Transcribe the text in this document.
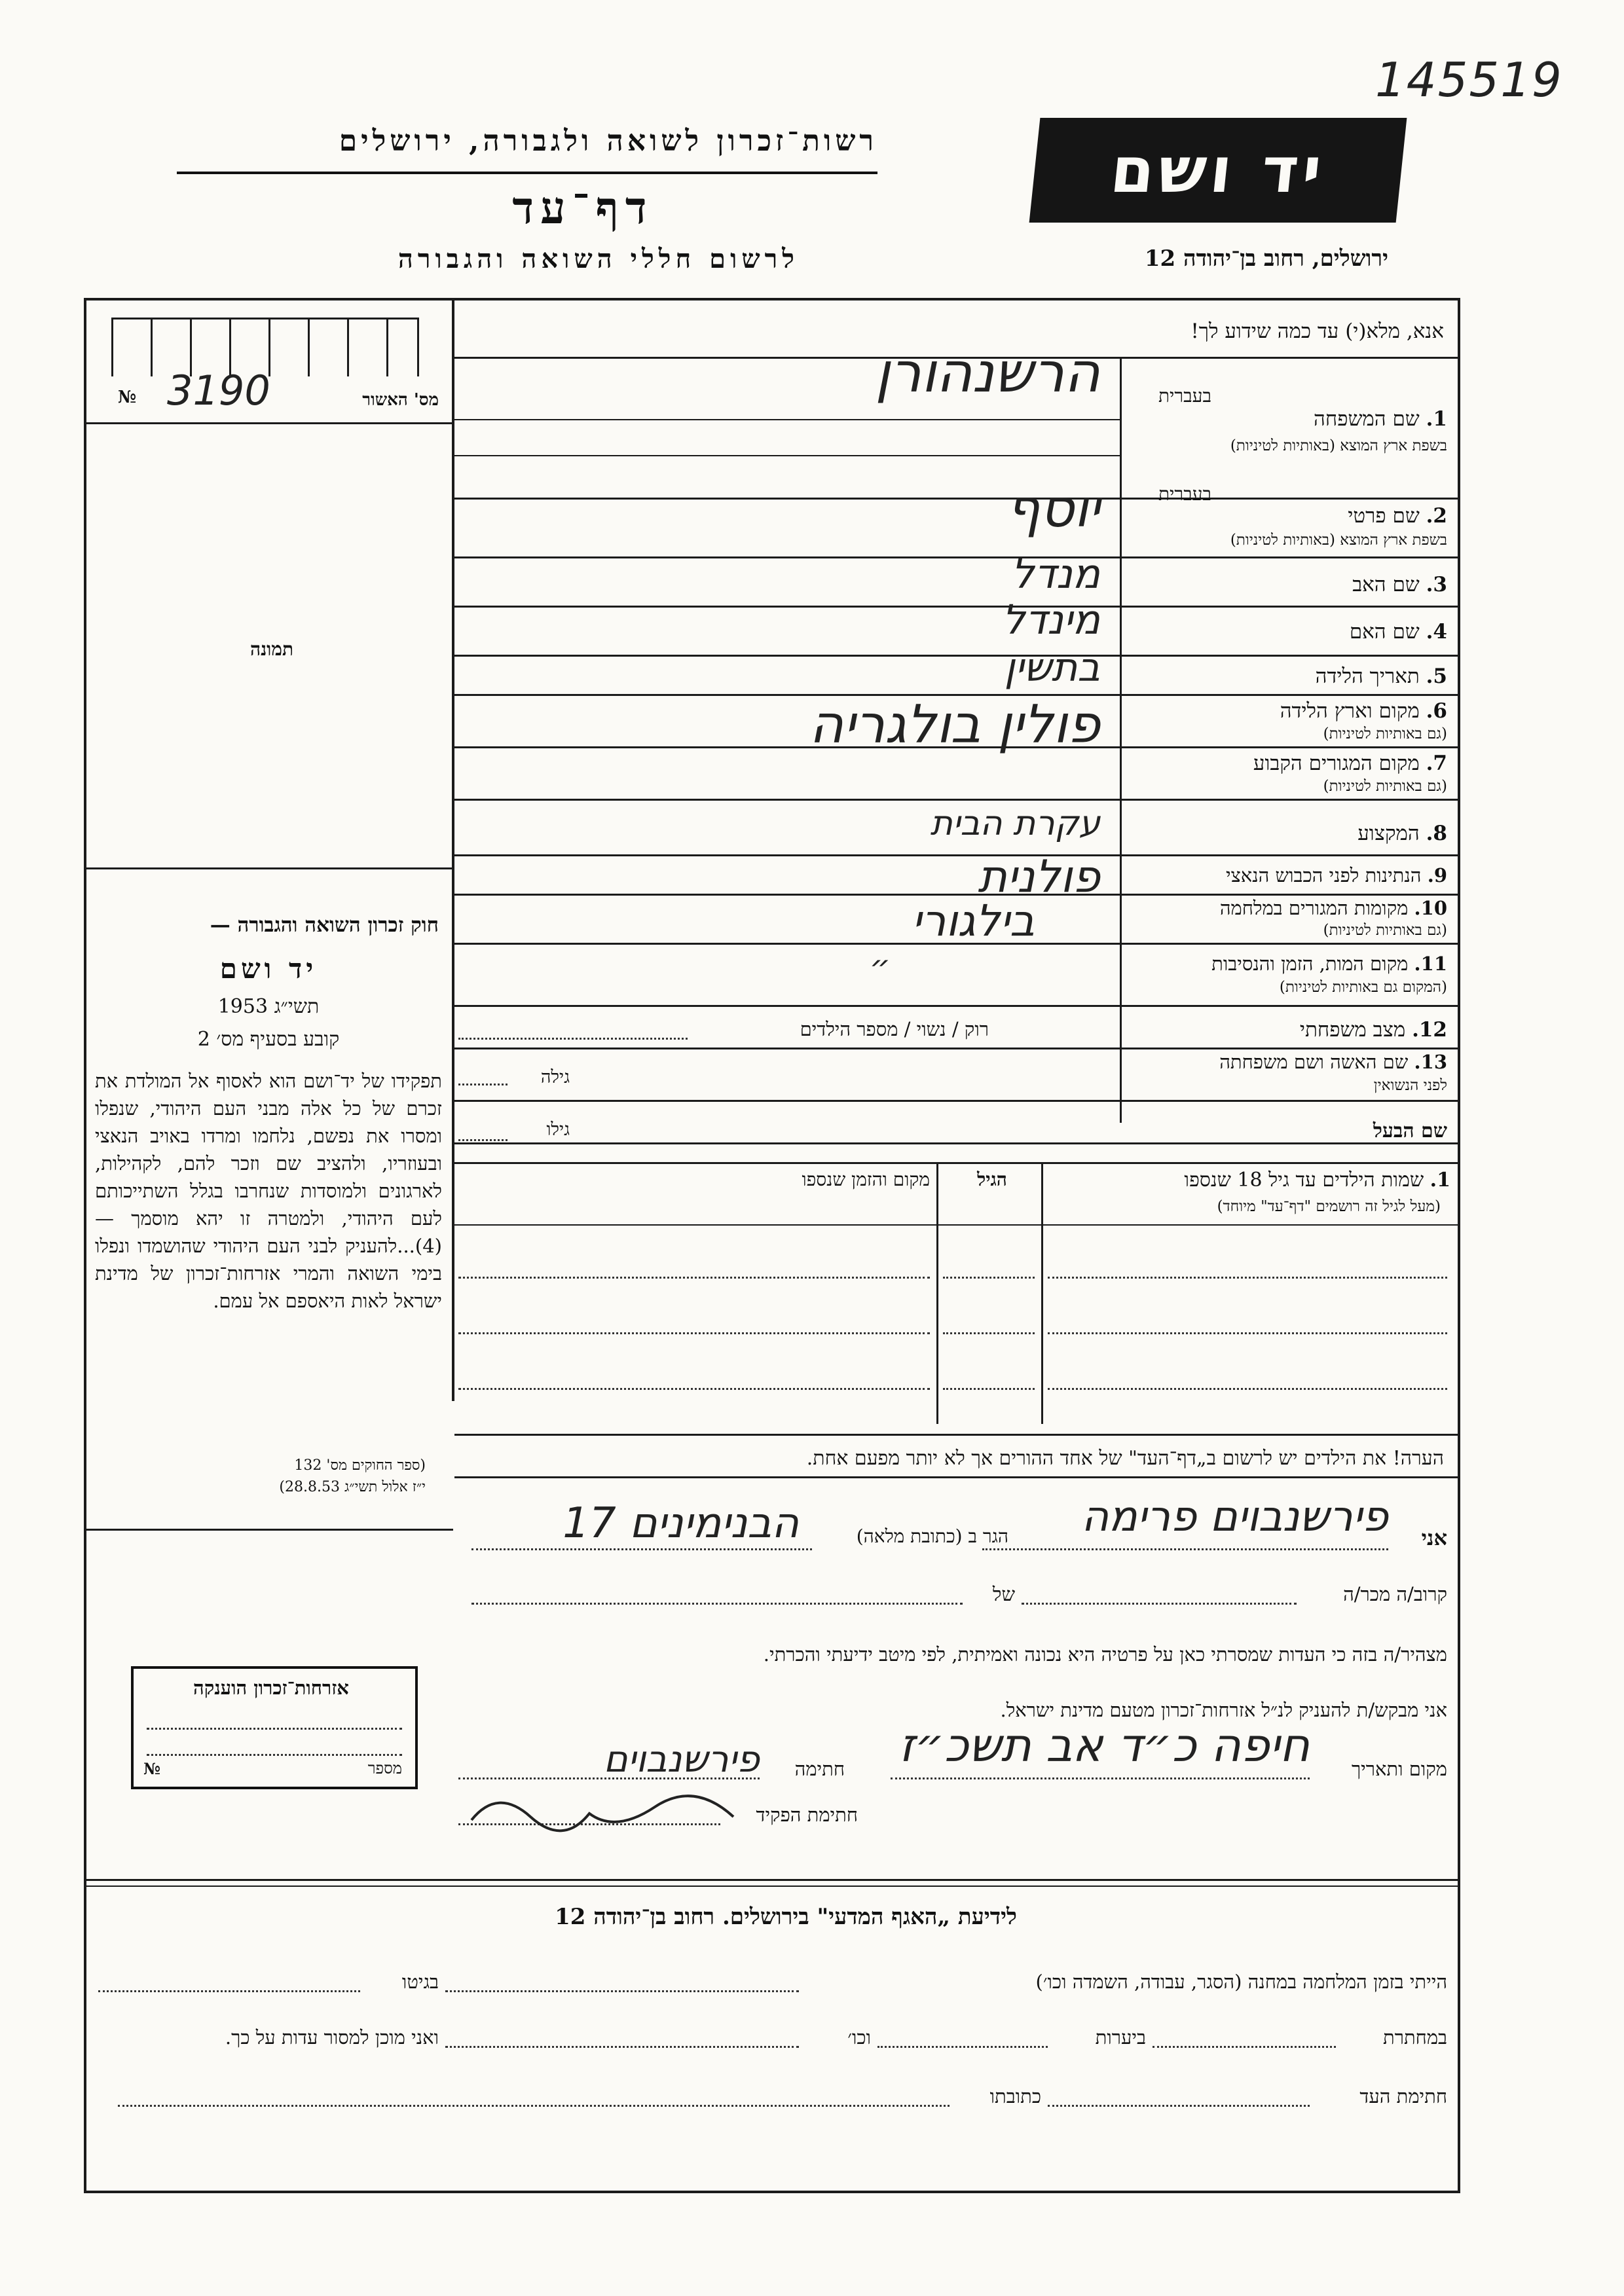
145519
רשות־זכרון לשואה ולגבורה, ירושלים
דף־עד
לרשום חללי השואה והגבורה
יד ושם
ירושלים, רחוב בן־יהודה 12
אנא, מלא(י) עד כמה שידוע לך!
№ 3190	מס' האשור
תמונה
בעברית
1. שם המשפחה
בשפת ארץ המוצא (באותיות לטיניות)
הרשנהורן
בעברית
2. שם פרטי
בשפת ארץ המוצא (באותיות לטיניות)
יוסף
3. שם האב
מנדל
4. שם האם
מינדל
5. תאריך הלידה
בתשין
6. מקום וארץ הלידה
(גם באותיות לטיניות)
פולין בולגריה
7. מקום המגורים הקבוע
(גם באותיות לטיניות)
8. המקצוע
עקרת הבית
9. הנתינות לפני הכבוש הנאצי
פולנית
10. מקומות המגורים במלחמה
(גם באותיות לטיניות)
בילגורי
11. מקום המות, הזמן והנסיבות
(המקום גם באותיות לטיניות)
״
12. מצב משפחתי
רוק / נשוי / מספר הילדים
13. שם האשה ושם משפחתה
לפני הנשואין
גילה
שם הבעל
גילו
1. שמות הילדים עד גיל 18 שנספו
(מעל לגיל זה רושמים "דף־עד" מיוחד)
הגיל
מקום והזמן שנספו
חוק זכרון השואה והגבורה —
יד ושם
תשי״ג 1953
קובע בסעיף מס׳ 2
תפקידו של יד־ושם הוא לאסוף אל המולדת את זכרם של כל אלה מבני העם היהודי, שנפלו ומסרו את נפשם, נלחמו ומרדו באויב הנאצי ובעוזריו, ולהציב שם וזכר להם, לקהילות, לארגונים ולמוסדות שנחרבו בגלל השתייכותם לעם היהודי, ולמטרה זו יהא מוסמך — (4)...להעניק לבני העם היהודי שהושמדו ונפלו בימי השואה והמרי אזרחות־זכרון של מדינת ישראל לאות היאספם אל עמם.
(ספר החוקים מס' 132
י״ז אלול תשי״ג 28.8.53)
הערה! את הילדים יש לרשום ב„דף־העד" של אחד ההורים אך לא יותר מפעם אחת.
אני
פירשנבוים פרימה
הגר ב (כתובת מלאה)
הבנימינים 17
קרוב/ה מכר/ה
של
מצהיר/ה בזה כי העדות שמסרתי כאן על פרטיה היא נכונה ואמיתית, לפי מיטב ידיעתי והכרתי.
אזרחות־זכרון הוענקה
№	מספר
אני מבקש/ת להעניק לנ״ל אזרחות־זכרון מטעם מדינת ישראל.
מקום ותאריך
חיפה כ״ד אב תשכ״ז
חתימה
פירשנבוים
חתימת הפקיד
לידיעת „האגף המדעי" בירושלים. רחוב בן־יהודה 12
הייתי בזמן המלחמה במחנה (הסגר, עבודה, השמדה וכו׳)
בגיטו
במחתרת
ביערות
וכו׳
ואני מוכן למסור עדות על כך.
חתימת העד
כתובתו
